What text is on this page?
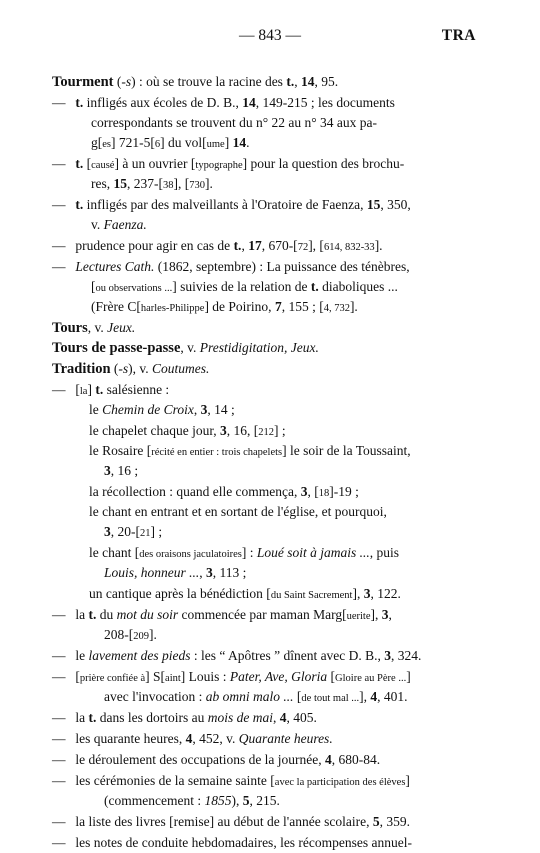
— 843 —	TRA
Tourment (-s) : où se trouve la racine des t., 14, 95.
— t. infligés aux écoles de D. B., 14, 149-215 ; les documents
correspondants se trouvent du n° 22 au n° 34 aux pa-
g[es] 721-5[6] du vol[ume] 14.
— t. [causé] à un ouvrier [typographe] pour la question des brochu-
res, 15, 237-[38], [730].
— t. infligés par des malveillants à l'Oratoire de Faenza, 15, 350,
v. Faenza.
— prudence pour agir en cas de t., 17, 670-[72], [614, 832-33].
— Lectures Cath. (1862, septembre) : La puissance des ténèbres,
[ou observations ...] suivies de la relation de t. diaboliques ...
(Frère C[harles-Philippe] de Poirino, 7, 155 ; [4, 732].
Tours, v. Jeux.
Tours de passe-passe, v. Prestidigitation, Jeux.
Tradition (-s), v. Coutumes.
— [la] t. salésienne :
le Chemin de Croix, 3, 14 ;
le chapelet chaque jour, 3, 16, [212] ;
le Rosaire [récité en entier : trois chapelets] le soir de la Toussaint,
3, 16 ;
la récollection : quand elle commença, 3, [18]-19 ;
le chant en entrant et en sortant de l'église, et pourquoi,
3, 20-[21] ;
le chant [des oraisons jaculatoires] : Loué soit à jamais ..., puis
Louis, honneur ..., 3, 113 ;
un cantique après la bénédiction [du Saint Sacrement], 3, 122.
— la t. du mot du soir commencée par maman Marg[uerite], 3,
208-[209].
— le lavement des pieds : les “ Apôtres ” dînent avec D. B., 3, 324.
— [prière confiée à] S[aint] Louis : Pater, Ave, Gloria [Gloire au Père ...]
avec l'invocation : ab omni malo ... [de tout mal ...], 4, 401.
— la t. dans les dortoirs au mois de mai, 4, 405.
— les quarante heures, 4, 452, v. Quarante heures.
— le déroulement des occupations de la journée, 4, 680-84.
— les cérémonies de la semaine sainte [avec la participation des élèves]
(commencement : 1855), 5, 215.
— la liste des livres [remise] au début de l'année scolaire, 5, 359.
— les notes de conduite hebdomadaires, les récompenses annuel-
